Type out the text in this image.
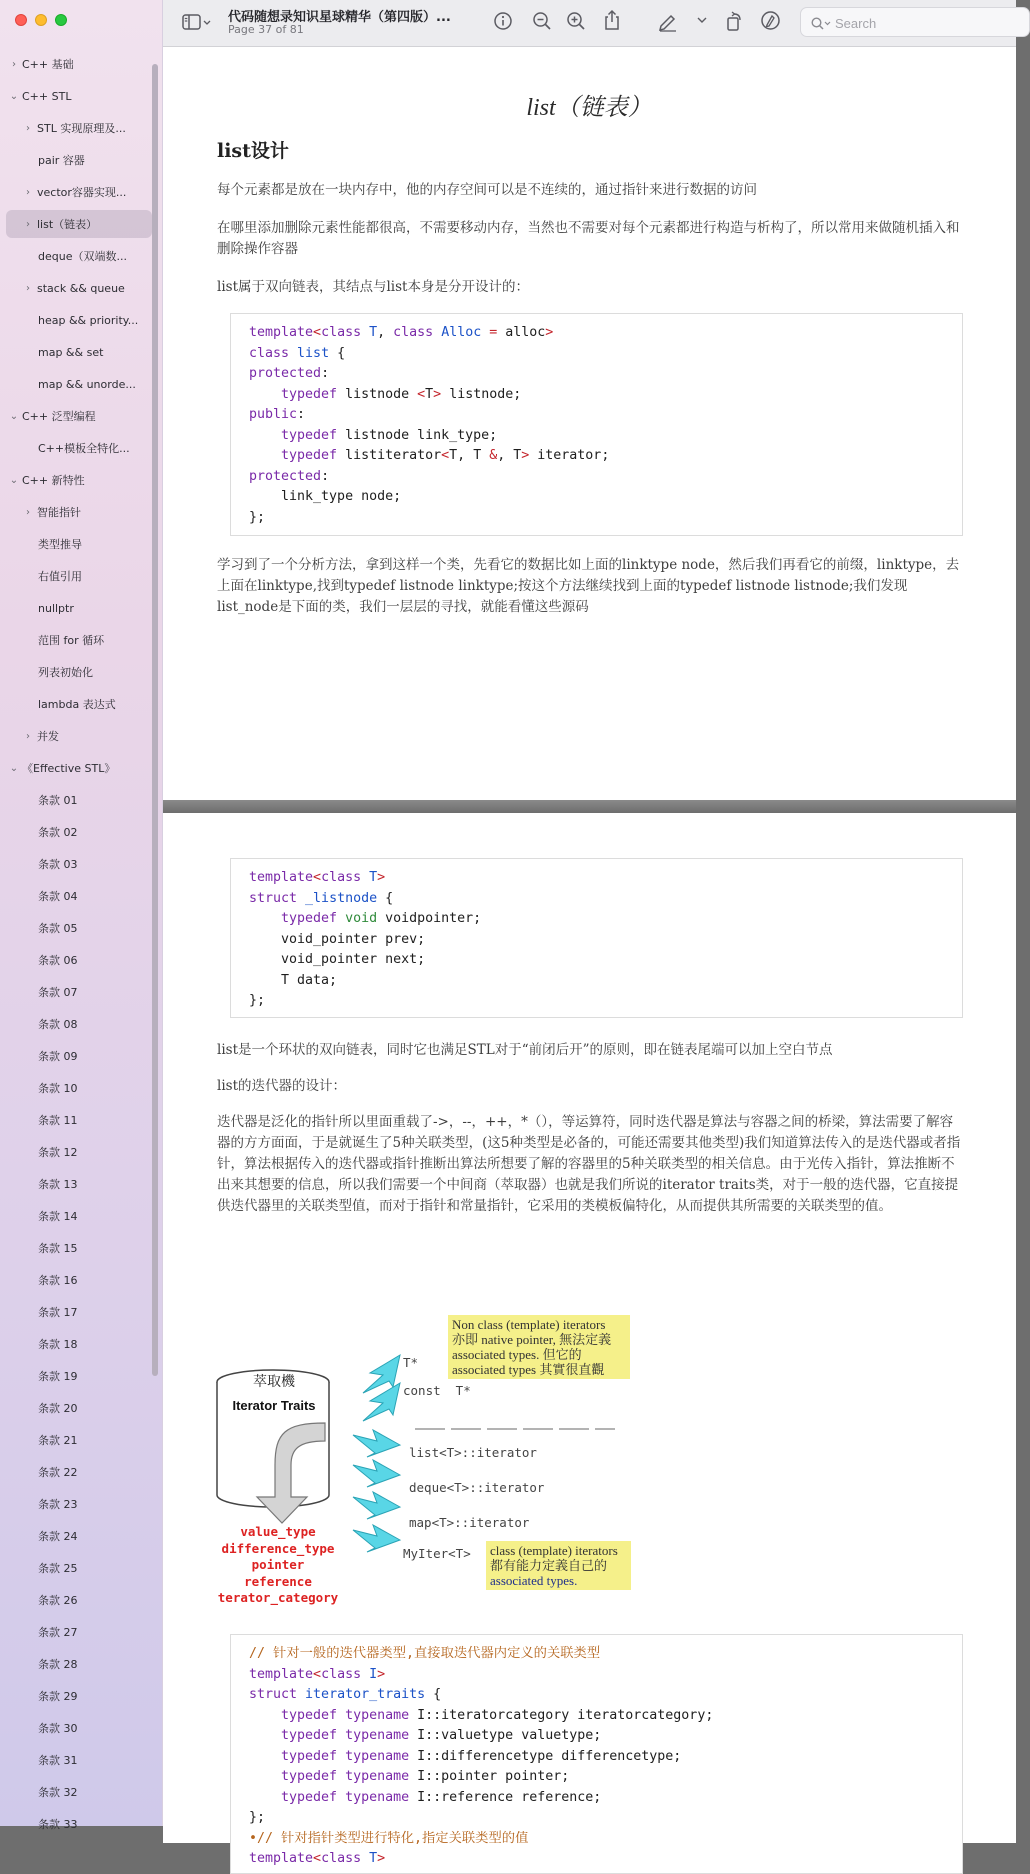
› C++ 基础
⌄ C++ STL
› STL 实现原理及...
pair 容器
› vector容器实现...
› list（链表）
deque（双端数...
› stack && queue
heap && priority...
map && set
map && unorde...
⌄ C++ 泛型编程
C++模板全特化...
⌄ C++ 新特性
› 智能指针
类型推导
右值引用
nullptr
范围 for 循环
列表初始化
lambda 表达式
› 并发
⌄ 《Effective STL》
条款 01
条款 02
条款 03
条款 04
条款 05
条款 06
条款 07
条款 08
条款 09
条款 10
条款 11
条款 12
条款 13
条款 14
条款 15
条款 16
条款 17
条款 18
条款 19
条款 20
条款 21
条款 22
条款 23
条款 24
条款 25
条款 26
条款 27
条款 28
条款 29
条款 30
条款 31
条款 32
条款 33
代码随想录知识星球精华（第四版）...
Page 37 of 81
Search
list（链表）
list设计
每个元素都是放在一块内存中，他的内存空间可以是不连续的，通过指针来进行数据的访问
在哪里添加删除元素性能都很高，不需要移动内存，当然也不需要对每个元素都进行构造与析构了，所以常用来做随机插入和删除操作容器
list属于双向链表，其结点与list本身是分开设计的：
template<class T, class Alloc = alloc>
class list {
protected:
typedef listnode <T> listnode;
public:
typedef listnode link_type;
typedef listiterator<T, T &, T> iterator;
protected:
link_type node;
};
学习到了一个分析方法，拿到这样一个类，先看它的数据比如上面的linktype node，然后我们再看它的前缀，linktype，去上面在linktype,找到typedef listnode linktype;按这个方法继续找到上面的typedef listnode listnode;我们发现list_node是下面的类，我们一层层的寻找，就能看懂这些源码
template<class T>
struct _listnode {
typedef void voidpointer;
void_pointer prev;
void_pointer next;
T data;
};
list是一个环状的双向链表，同时它也满足STL对于“前闭后开”的原则，即在链表尾端可以加上空白节点
list的迭代器的设计：
迭代器是泛化的指针所以里面重载了->，--，++，*（），等运算符，同时迭代器是算法与容器之间的桥梁，算法需要了解容器的方方面面，于是就诞生了5种关联类型，(这5种类型是必备的，可能还需要其他类型)我们知道算法传入的是迭代器或者指针，算法根据传入的迭代器或指针推断出算法所想要了解的容器里的5种关联类型的相关信息。由于光传入指针，算法推断不出来其想要的信息，所以我们需要一个中间商（萃取器）也就是我们所说的iterator traits类，对于一般的迭代器，它直接提供迭代器里的关联类型值，而对于指针和常量指针，它采用的类模板偏特化，从而提供其所需要的关联类型的值。
Non class (template) iterators
亦即 native pointer, 無法定義
associated types. 但它的
associated types 其實很直觀
萃取機
Iterator Traits
T*
const  T*
list<T>::iterator
deque<T>::iterator
map<T>::iterator
MyIter<T> class (template) iterators
都有能力定義自己的
associated types.
value_type
difference_type
pointer
reference
terator_category
// 针对一般的迭代器类型,直接取迭代器内定义的关联类型
template<class I>
struct iterator_traits {
typedef typename I::iteratorcategory iteratorcategory;
typedef typename I::valuetype valuetype;
typedef typename I::differencetype differencetype;
typedef typename I::pointer pointer;
typedef typename I::reference reference;
};
•// 针对指针类型进行特化,指定关联类型的值
template<class T>
